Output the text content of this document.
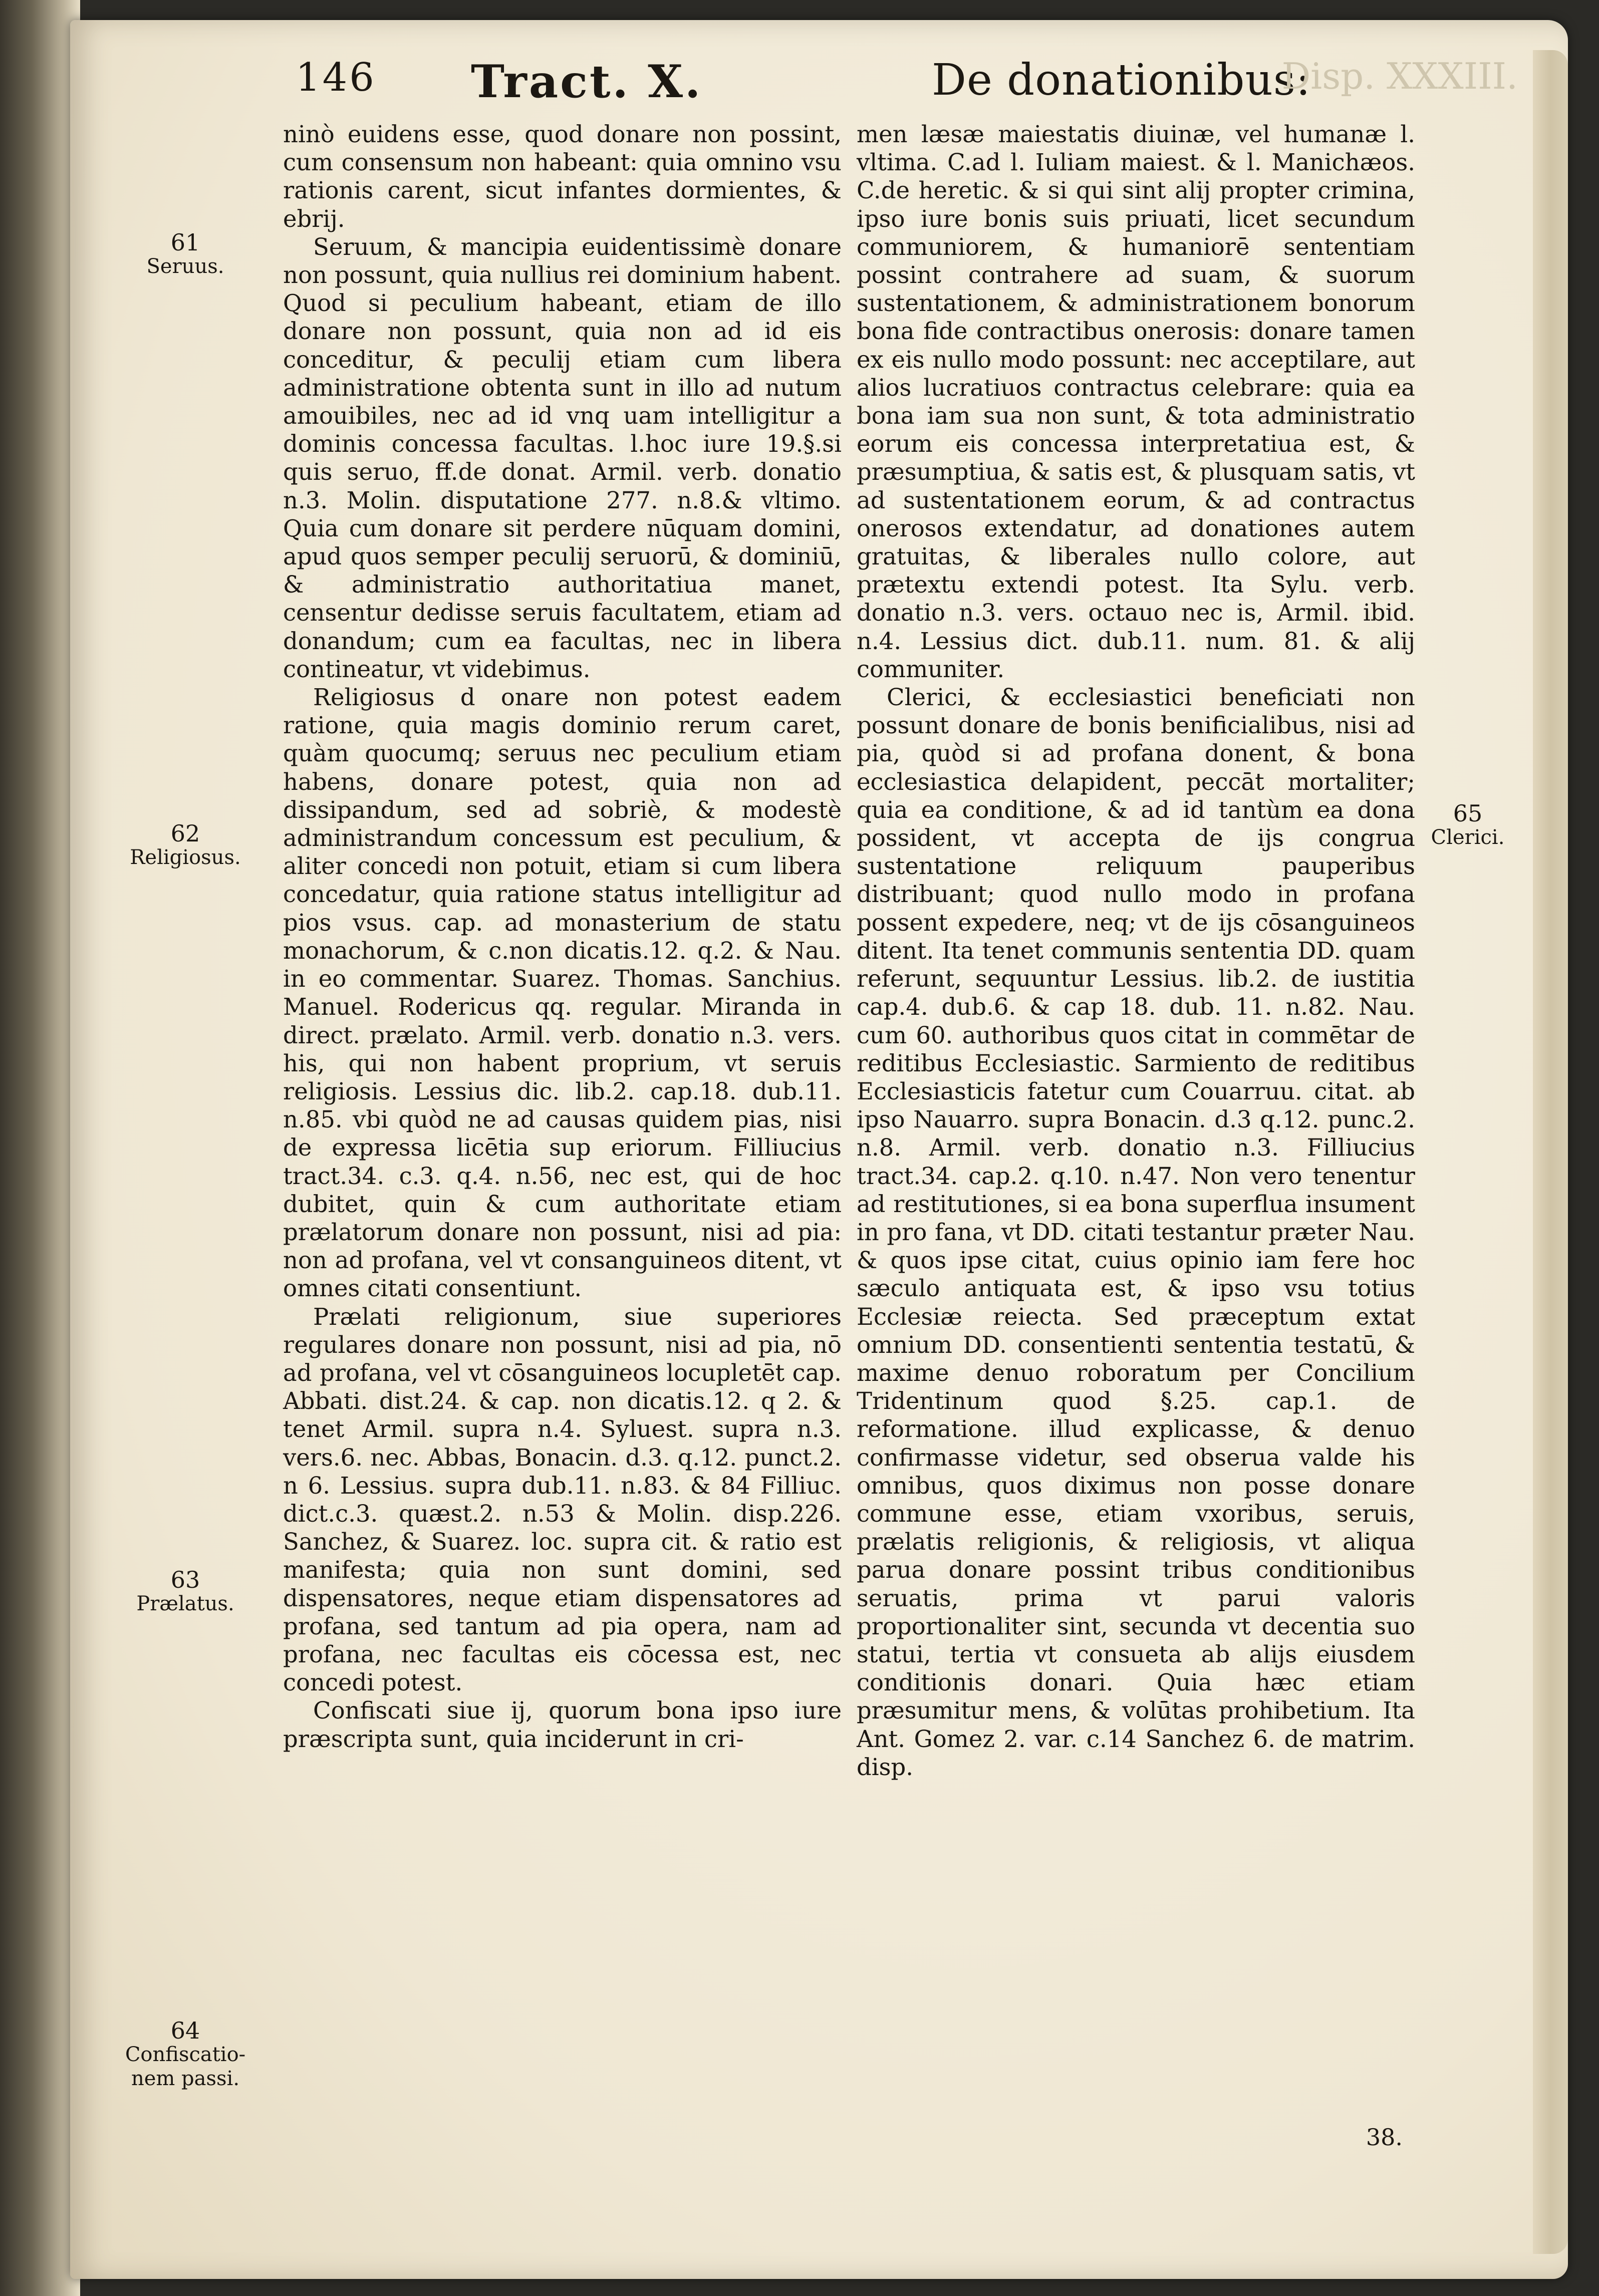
146 Tract. X.	De donationibus:
Disp. XXXIII.
61
Seruus.
62
Religiosus.
63
Prælatus.
64
Confiscatio-nem passi.
65
Clerici.

ninò euidens esse, quod donare non possint, cum consensum non habeant: quia omnino vsu rationis carent, sicut infantes dormientes, & ebrij.

Seruum, & mancipia euidentissimè donare non possunt, quia nullius rei dominium habent. Quod si peculium habeant, etiam de illo donare non possunt, quia non ad id eis conceditur, & peculij etiam cum libera administratione obtenta sunt in illo ad nutum amouibiles, nec ad id vnq uam intelligitur a dominis concessa facultas. l.hoc iure 19.§.si quis seruo, ff.de donat. Armil. verb. donatio n.3. Molin. disputatione 277. n.8.& vltimo. Quia cum donare sit perdere nūquam domini, apud quos semper peculij seruorū, & dominiū, & administratio authoritatiua manet, censentur dedisse seruis facultatem, etiam ad donandum; cum ea facultas, nec in libera contineatur, vt videbimus.

Religiosus d onare non potest eadem ratione, quia magis dominio rerum caret, quàm quocumq; seruus nec peculium etiam habens, donare potest, quia non ad dissipandum, sed ad sobriè, & modestè administrandum concessum est peculium, & aliter concedi non potuit, etiam si cum libera concedatur, quia ratione status intelligitur ad pios vsus. cap. ad monasterium de statu monachorum, & c.non dicatis.12. q.2. & Nau. in eo commentar. Suarez. Thomas. Sanchius. Manuel. Rodericus qq. regular. Miranda in direct. prælato. Armil. verb. donatio n.3. vers. his, qui non habent proprium, vt seruis religiosis. Lessius dic. lib.2. cap.18. dub.11. n.85. vbi quòd ne ad causas quidem pias, nisi de expressa licētia sup eriorum. Filliucius tract.34. c.3. q.4. n.56, nec est, qui de hoc dubitet, quin & cum authoritate etiam prælatorum donare non possunt, nisi ad pia: non ad profana, vel vt consanguineos ditent, vt omnes citati consentiunt.

Prælati religionum, siue superiores regulares donare non possunt, nisi ad pia, nō ad profana, vel vt cōsanguineos locupletēt cap. Abbati. dist.24. & cap. non dicatis.12. q 2. & tenet Armil. supra n.4. Syluest. supra n.3. vers.6. nec. Abbas, Bonacin. d.3. q.12. punct.2. n 6. Lessius. supra dub.11. n.83. & 84 Filliuc. dict.c.3. quæst.2. n.53 & Molin. disp.226. Sanchez, & Suarez. loc. supra cit. & ratio est manifesta; quia non sunt domini, sed dispensatores, neque etiam dispensatores ad profana, sed tantum ad pia opera, nam ad profana, nec facultas eis cōcessa est, nec concedi potest.

Confiscati siue ij, quorum bona ipso iure præscripta sunt, quia inciderunt in cri-

men læsæ maiestatis diuinæ, vel humanæ l. vltima. C.ad l. Iuliam maiest. & l. Manichæos. C.de heretic. & si qui sint alij propter crimina, ipso iure bonis suis priuati, licet secundum communiorem, & humaniorē sententiam possint contrahere ad suam, & suorum sustentationem, & administrationem bonorum bona fide contractibus onerosis: donare tamen ex eis nullo modo possunt: nec acceptilare, aut alios lucratiuos contractus celebrare: quia ea bona iam sua non sunt, & tota administratio eorum eis concessa interpretatiua est, & præsumptiua, & satis est, & plusquam satis, vt ad sustentationem eorum, & ad contractus onerosos extendatur, ad donationes autem gratuitas, & liberales nullo colore, aut prætextu extendi potest. Ita Sylu. verb. donatio n.3. vers. octauo nec is, Armil. ibid. n.4. Lessius dict. dub.11. num. 81. & alij communiter.

Clerici, & ecclesiastici beneficiati non possunt donare de bonis benificialibus, nisi ad pia, quòd si ad profana donent, & bona ecclesiastica delapident, peccāt mortaliter; quia ea conditione, & ad id tantùm ea dona possident, vt accepta de ijs congrua sustentatione reliquum pauperibus distribuant; quod nullo modo in profana possent expedere, neq; vt de ijs cōsanguineos ditent. Ita tenet communis sententia DD. quam referunt, sequuntur Lessius. lib.2. de iustitia cap.4. dub.6. & cap 18. dub. 11. n.82. Nau. cum 60. authoribus quos citat in commētar de reditibus Ecclesiastic. Sarmiento de reditibus Ecclesiasticis fatetur cum Couarruu. citat. ab ipso Nauarro. supra Bonacin. d.3 q.12. punc.2. n.8. Armil. verb. donatio n.3. Filliucius tract.34. cap.2. q.10. n.47. Non vero tenentur ad restitutiones, si ea bona superflua insument in pro fana, vt DD. citati testantur præter Nau. & quos ipse citat, cuius opinio iam fere hoc sæculo antiquata est, & ipso vsu totius Ecclesiæ reiecta. Sed præceptum extat omnium DD. consentienti sententia testatū, & maxime denuo roboratum per Concilium Tridentinum quod §.25. cap.1. de reformatione. illud explicasse, & denuo confirmasse videtur, sed obserua valde his omnibus, quos diximus non posse donare commune esse, etiam vxoribus, seruis, prælatis religionis, & religiosis, vt aliqua parua donare possint tribus conditionibus seruatis, prima vt parui valoris proportionaliter sint, secunda vt decentia suo statui, tertia vt consueta ab alijs eiusdem conditionis donari. Quia hæc etiam præsumitur mens, & volūtas prohibetium. Ita Ant. Gomez 2. var. c.14 Sanchez 6. de matrim. disp.

38.
